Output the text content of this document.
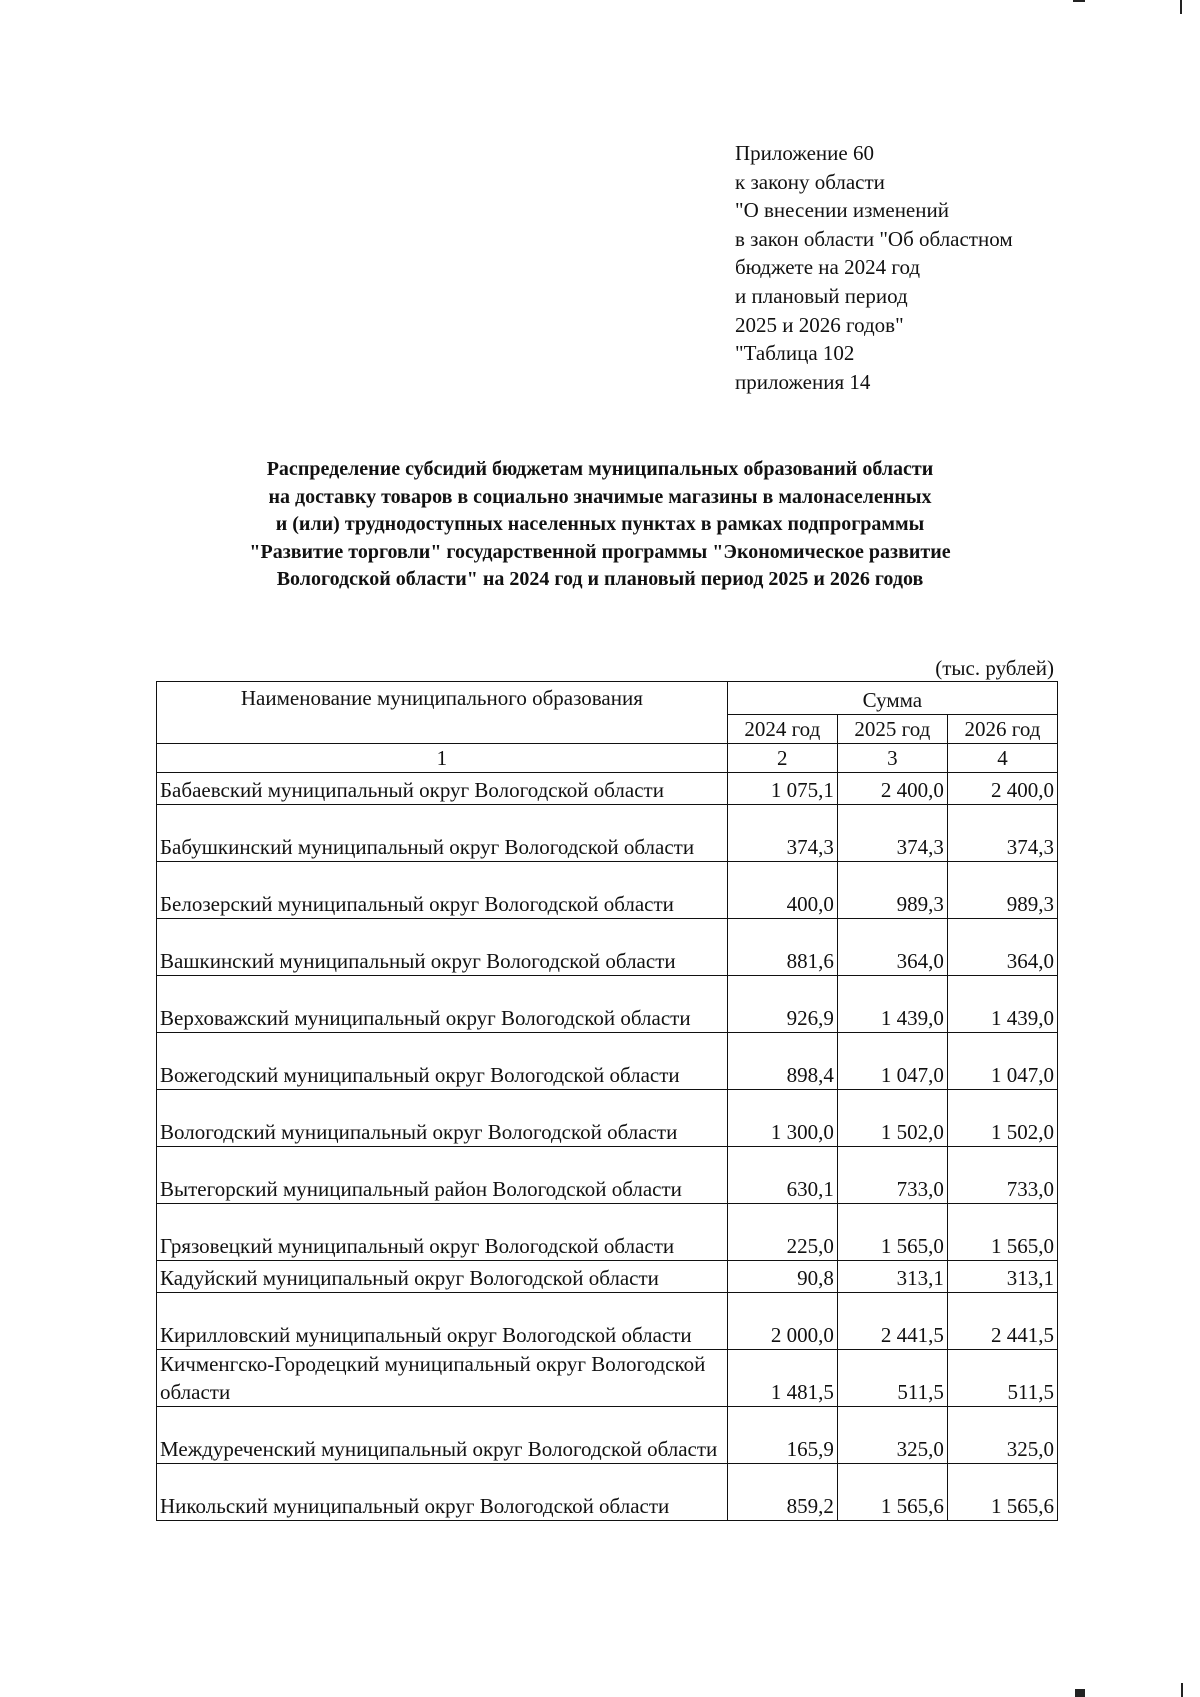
Приложение 60
к закону области
"О внесении изменений
в закон области "Об областном
бюджете на 2024 год
и плановый период
2025 и 2026 годов"
"Таблица 102
приложения 14
Распределение субсидий бюджетам муниципальных образований области
на доставку товаров в социально значимые магазины в малонаселенных
и (или) труднодоступных населенных пунктах в рамках подпрограммы
"Развитие торговли" государственной программы "Экономическое развитие
Вологодской области" на 2024 год и плановый период 2025 и 2026 годов
(тыс. рублей)
Наименование муниципального образования	Сумма		
	2024 год	2025 год	2026 год
1	2	3	4
Бабаевский муниципальный округ Вологодской области	1 075,1	2 400,0	2 400,0
Бабушкинский муниципальный округ Вологодской области	374,3	374,3	374,3
Белозерский муниципальный округ Вологодской области	400,0	989,3	989,3
Вашкинский муниципальный округ Вологодской области	881,6	364,0	364,0
Верховажский муниципальный округ Вологодской области	926,9	1 439,0	1 439,0
Вожегодский муниципальный округ Вологодской области	898,4	1 047,0	1 047,0
Вологодский муниципальный округ Вологодской области	1 300,0	1 502,0	1 502,0
Вытегорский муниципальный район Вологодской области	630,1	733,0	733,0
Грязовецкий муниципальный округ Вологодской области	225,0	1 565,0	1 565,0
Кадуйский муниципальный округ Вологодской области	90,8	313,1	313,1
Кирилловский муниципальный округ Вологодской области	2 000,0	2 441,5	2 441,5
Кичменгско-Городецкий муниципальный округ Вологодской области	1 481,5	511,5	511,5
Междуреченский муниципальный округ Вологодской области	165,9	325,0	325,0
Никольский муниципальный округ Вологодской области	859,2	1 565,6	1 565,6
